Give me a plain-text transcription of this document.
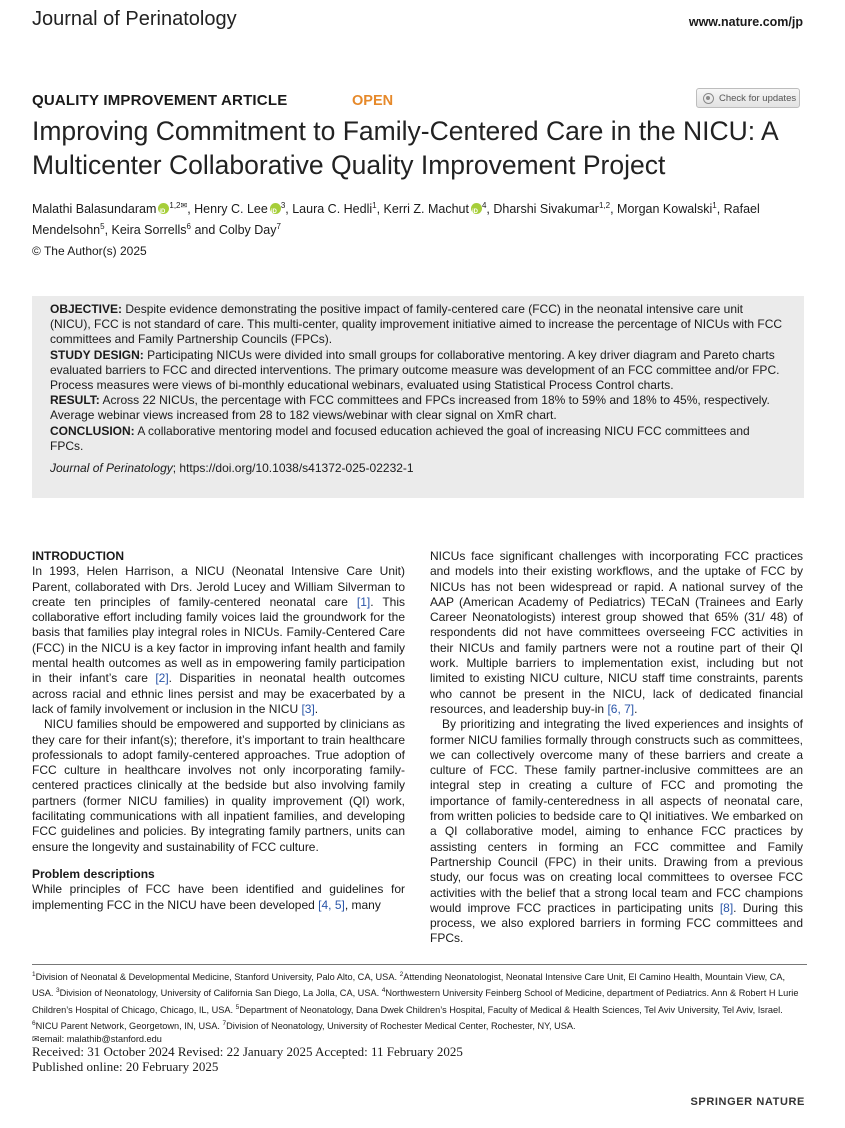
Journal of Perinatology	www.nature.com/jp
QUALITY IMPROVEMENT ARTICLE	OPEN	Check for updates
Improving Commitment to Family-Centered Care in the NICU: A Multicenter Collaborative Quality Improvement Project
Malathi Balasundaram iD $^{1,2✉}$, Henry C. Lee iD $^3$, Laura C. Hedli$^1$, Kerri Z. Machut iD $^4$, Dharshi Sivakumar$^{1,2}$, Morgan Kowalski$^1$, Rafael Mendelsohn$^5$, Keira Sorrells$^6$ and Colby Day$^7$
© The Author(s) 2025

OBJECTIVE: Despite evidence demonstrating the positive impact of family-centered care (FCC) in the neonatal intensive care unit (NICU), FCC is not standard of care. This multi-center, quality improvement initiative aimed to increase the percentage of NICUs with FCC committees and Family Partnership Councils (FPCs).

STUDY DESIGN: Participating NICUs were divided into small groups for collaborative mentoring. A key driver diagram and Pareto charts evaluated barriers to FCC and directed interventions. The primary outcome measure was development of an FCC committee and/or FPC. Process measures were views of bi-monthly educational webinars, evaluated using Statistical Process Control charts.

RESULT: Across 22 NICUs, the percentage with FCC committees and FPCs increased from 18% to 59% and 18% to 45%, respectively. Average webinar views increased from 28 to 182 views/webinar with clear signal on XmR chart.

CONCLUSION: A collaborative mentoring model and focused education achieved the goal of increasing NICU FCC committees and FPCs.

Journal of Perinatology; https://doi.org/10.1038/s41372-025-02232-1

INTRODUCTION

In 1993, Helen Harrison, a NICU (Neonatal Intensive Care Unit) Parent, collaborated with Drs. Jerold Lucey and William Silverman to create ten principles of family-centered neonatal care [1]. This collaborative effort including family voices laid the groundwork for the basis that families play integral roles in NICUs. Family-Centered Care (FCC) in the NICU is a key factor in improving infant health and family mental health outcomes as well as in empowering family participation in their infant’s care [2]. Disparities in neonatal health outcomes across racial and ethnic lines persist and may be exacerbated by a lack of family involvement or inclusion in the NICU [3].

NICU families should be empowered and supported by clinicians as they care for their infant(s); therefore, it’s important to train healthcare professionals to adopt family-centered approaches. True adoption of FCC culture in healthcare involves not only incorporating family-centered practices clinically at the bedside but also involving family partners (former NICU families) in quality improvement (QI) work, facilitating communications with all inpatient families, and developing FCC guidelines and policies. By integrating family partners, units can ensure the longevity and sustainability of FCC culture.

Problem descriptions

While principles of FCC have been identified and guidelines for implementing FCC in the NICU have been developed [4, 5], many

NICUs face significant challenges with incorporating FCC practices and models into their existing workflows, and the uptake of FCC by NICUs has not been widespread or rapid. A national survey of the AAP (American Academy of Pediatrics) TECaN (Trainees and Early Career Neonatologists) interest group showed that 65% (31/ 48) of respondents did not have committees overseeing FCC activities in their NICUs and family partners were not a routine part of their QI work. Multiple barriers to implementation exist, including but not limited to existing NICU culture, NICU staff time constraints, parents who cannot be present in the NICU, lack of dedicated financial resources, and leadership buy-in [6, 7].

By prioritizing and integrating the lived experiences and insights of former NICU families formally through constructs such as committees, we can collectively overcome many of these barriers and create a culture of FCC. These family partner-inclusive committees are an integral step in creating a culture of FCC and promoting the importance of family-centeredness in all aspects of neonatal care, from written policies to bedside care to QI initiatives. We embarked on a QI collaborative model, aiming to enhance FCC practices by assisting centers in forming an FCC committee and Family Partnership Council (FPC) in their units. Drawing from a previous study, our focus was on creating local committees to oversee FCC activities with the belief that a strong local team and FCC champions would improve FCC practices in participating units [8]. During this process, we also explored barriers in forming FCC committees and FPCs.

$^1$Division of Neonatal & Developmental Medicine, Stanford University, Palo Alto, CA, USA. $^2$Attending Neonatologist, Neonatal Intensive Care Unit, El Camino Health, Mountain View, CA, USA. $^3$Division of Neonatology, University of California San Diego, La Jolla, CA, USA. $^4$Northwestern University Feinberg School of Medicine, department of Pediatrics. Ann & Robert H Lurie Children’s Hospital of Chicago, Chicago, IL, USA. $^5$Department of Neonatology, Dana Dwek Children’s Hospital, Faculty of Medical & Health Sciences, Tel Aviv University, Tel Aviv, Israel. $^6$NICU Parent Network, Georgetown, IN, USA. $^7$Division of Neonatology, University of Rochester Medical Center, Rochester, NY, USA.
✉email: malathib@stanford.edu
Received: 31 October 2024 Revised: 22 January 2025 Accepted: 11 February 2025
Published online: 20 February 2025
SPRINGER NATURE
